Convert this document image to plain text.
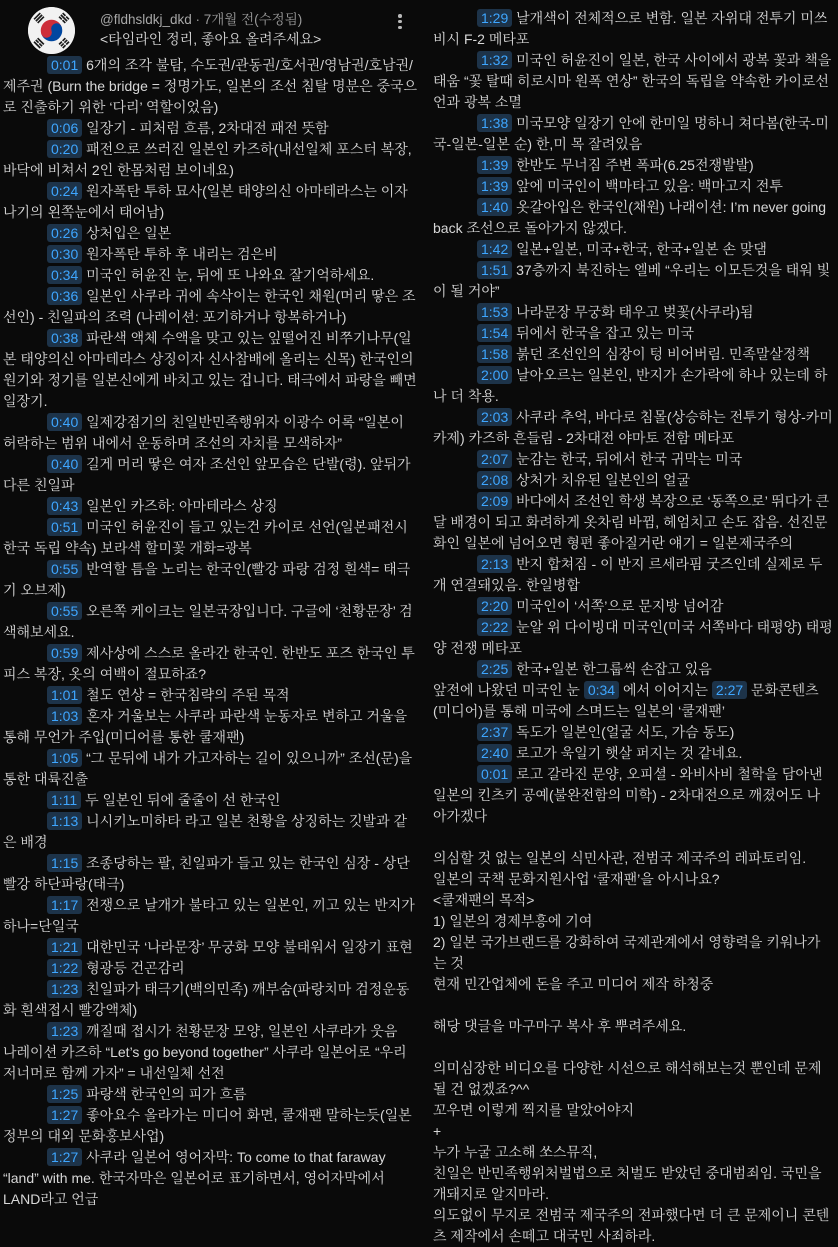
@fldhsldkj_dkd · 7개월 전(수정됨)
<타임라인 정리, 좋아요 올려주세요>

0:01 6개의 조각 불탐, 수도권/관동권/호서권/영남권/호남권/제주권 (Burn the bridge = 정명가도, 일본의 조선 침탈 명분은 중국으로 진출하기 위한 ‘다리’ 역할이었음)

0:06 일장기 - 피처럼 흐름, 2차대전 패전 뜻함

0:20 패전으로 쓰러진 일본인 카즈하(내선일체 포스터 복장, 바닥에 비쳐서 2인 한몸처럼 보이네요)

0:24 원자폭탄 투하 묘사(일본 태양의신 아마테라스는 이자나기의 왼쪽눈에서 태어남)

0:26 상처입은 일본

0:30 원자폭탄 투하 후 내리는 검은비

0:34 미국인 허윤진 눈, 뒤에 또 나와요 잘기억하세요.

0:36 일본인 사쿠라 귀에 속삭이는 한국인 채원(머리 땋은 조선인) - 친일파의 조력 (나레이션: 포기하거나 항복하거나)

0:38 파란색 액체 수액을 맞고 있는 잎떨어진 비쭈기나무(일본 태양의신 아마테라스 상징이자 신사참배에 올리는 신목) 한국인의 원기와 정기를 일본신에게 바치고 있는 겁니다. 태극에서 파랑을 빼면 일장기.

0:40 일제강점기의 친일반민족행위자 이광수 어록 “일본이 허락하는 범위 내에서 운동하며 조선의 자치를 모색하자”

0:40 길게 머리 땋은 여자 조선인 앞모습은 단발(령). 앞뒤가 다른 친일파

0:43 일본인 카즈하: 아마테라스 상징

0:51 미국인 허윤진이 들고 있는건 카이로 선언(일본패전시 한국 독립 약속) 보라색 할미꽃 개화=광복

0:55 반역할 틈을 노리는 한국인(빨강 파랑 검정 흰색= 태극기 오브제)

0:55 오른쪽 케이크는 일본국장입니다. 구글에 ‘천황문장’ 검색해보세요.

0:59 제사상에 스스로 올라간 한국인. 한반도 포즈 한국인 투피스 복장, 옷의 여백이 절묘하죠?

1:01 철도 연상 = 한국침략의 주된 목적

1:03 혼자 거울보는 사쿠라 파란색 눈동자로 변하고 거울을 통해 무언가 주입(미디어를 통한 쿨재팬)

1:05 “그 문뒤에 내가 가고자하는 길이 있으니까” 조선(문)을 통한 대륙진출

1:11 두 일본인 뒤에 줄줄이 선 한국인

1:13 니시키노미하타 라고 일본 천황을 상징하는 깃발과 같은 배경

1:15 조종당하는 팔, 친일파가 들고 있는 한국인 심장 - 상단빨강 하단파랑(태극)

1:17 전쟁으로 날개가 불타고 있는 일본인, 끼고 있는 반지가 하나=단일국

1:21 대한민국 ‘나라문장’ 무궁화 모양 불태워서 일장기 표현

1:22 형광등 건곤감리

1:23 친일파가 태극기(백의민족) 깨부숨(파랑치마 검정운동화 흰색접시 빨강액체)

1:23 깨질때 접시가 천황문장 모양, 일본인 사쿠라가 웃음

나레이션 카즈하 “Let’s go beyond together” 사쿠라 일본어로 “우리 저너머로 함께 가자” = 내선일체 선전

1:25 파랑색 한국인의 피가 흐름

1:27 좋아요수 올라가는 미디어 화면, 쿨재팬 말하는듯(일본정부의 대외 문화홍보사업)

1:27 사쿠라 일본어 영어자막: To come to that faraway “land” with me. 한국자막은 일본어로 표기하면서, 영어자막에서 LAND라고 언급

1:29 날개색이 전체적으로 변함. 일본 자위대 전투기 미쓰비시 F-2 메타포

1:32 미국인 허윤진이 일본, 한국 사이에서 광복 꽃과 책을 태움 “꽃 탈때 히로시마 원폭 연상” 한국의 독립을 약속한 카이로선언과 광복 소멸

1:38 미국모양 일장기 안에 한미일 멍하니 쳐다봄(한국-미국-일본-일본 순) 한,미 목 잘려있음

1:39 한반도 무너짐 주변 폭파(6.25전쟁발발)

1:39 앞에 미국인이 백마타고 있음: 백마고지 전투

1:40 옷갈아입은 한국인(채원) 나래이션: I’m never going back 조선으로 돌아가지 않겠다.

1:42 일본+일본, 미국+한국, 한국+일본 손 맞댐

1:51 37층까지 북진하는 엘베 “우리는 이모든것을 태워 빛이 될 거야”

1:53 나라문장 무궁화 태우고 벚꽃(사쿠라)됨

1:54 뒤에서 한국을 잡고 있는 미국

1:58 붉던 조선인의 심장이 텅 비어버림. 민족말살정책

2:00 날아오르는 일본인, 반지가 손가락에 하나 있는데 하나 더 착용.

2:03 사쿠라 추억, 바다로 침몰(상승하는 전투기 형상-카미카제) 카즈하 흔들림 - 2차대전 야마토 전함 메타포

2:07 눈감는 한국, 뒤에서 한국 귀막는 미국

2:08 상처가 치유된 일본인의 얼굴

2:09 바다에서 조선인 학생 복장으로 ‘동쪽으로’ 뛰다가 큰 달 배경이 되고 화려하게 옷차림 바뀜, 헤엄치고 손도 잡음. 선진문화인 일본에 넘어오면 형편 좋아질거란 얘기 = 일본제국주의

2:13 반지 합쳐짐 - 이 반지 르세라핌 굿즈인데 실제로 두개 연결돼있음. 한일병합

2:20 미국인이 ‘서쪽’으로 문지방 넘어감

2:22 눈알 위 다이빙대 미국인(미국 서쪽바다 태평양) 태평양 전쟁 메타포

2:25 한국+일본 한그룹씩 손잡고 있음

앞전에 나왔던 미국인 눈 0:34 에서 이어지는 2:27 문화콘텐츠(미디어)를 통해 미국에 스며드는 일본의 ‘쿨재팬’

2:37 독도가 일본인(얼굴 서도, 가슴 동도)

2:40 로고가 욱일기 햇살 퍼지는 것 같네요.

0:01 로고 갈라진 문양, 오피셜 - 와비사비 철학을 담아낸 일본의 킨츠키 공예(불완전함의 미학) - 2차대전으로 깨졌어도 나아가겠다

의심할 것 없는 일본의 식민사관, 전범국 제국주의 레파토리임.

일본의 국책 문화지원사업 ‘쿨재팬’을 아시나요?

<쿨재팬의 목적>

1) 일본의 경제부흥에 기여

2) 일본 국가브랜드를 강화하여 국제관계에서 영향력을 키워나가는 것

현재 민간업체에 돈을 주고 미디어 제작 하청중

해당 댓글을 마구마구 복사 후 뿌려주세요.

의미심장한 비디오를 다양한 시선으로 해석해보는것 뿐인데 문제될 건 없겠죠?^^

꼬우면 이렇게 찍지를 말았어야지

+

누가 누굴 고소해 쏘스뮤직,

친일은 반민족행위처벌법으로 처벌도 받았던 중대범죄임. 국민을 개돼지로 알지마라.

의도없이 무지로 전범국 제국주의 전파했다면 더 큰 문제이니 콘텐츠 제작에서 손떼고 대국민 사죄하라.
